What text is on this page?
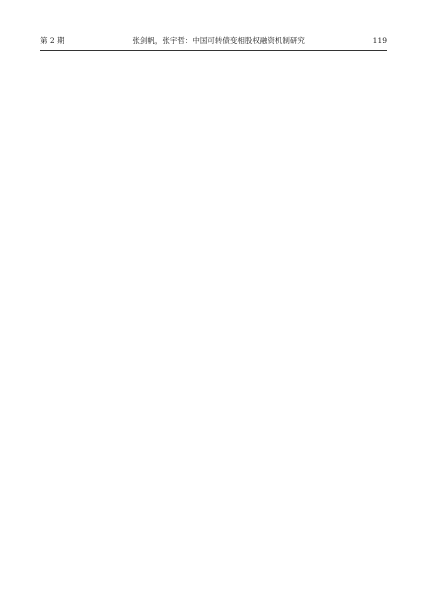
第 2 期	张剑帆，张宇哲：中国可转债变相股权融资机制研究	119
